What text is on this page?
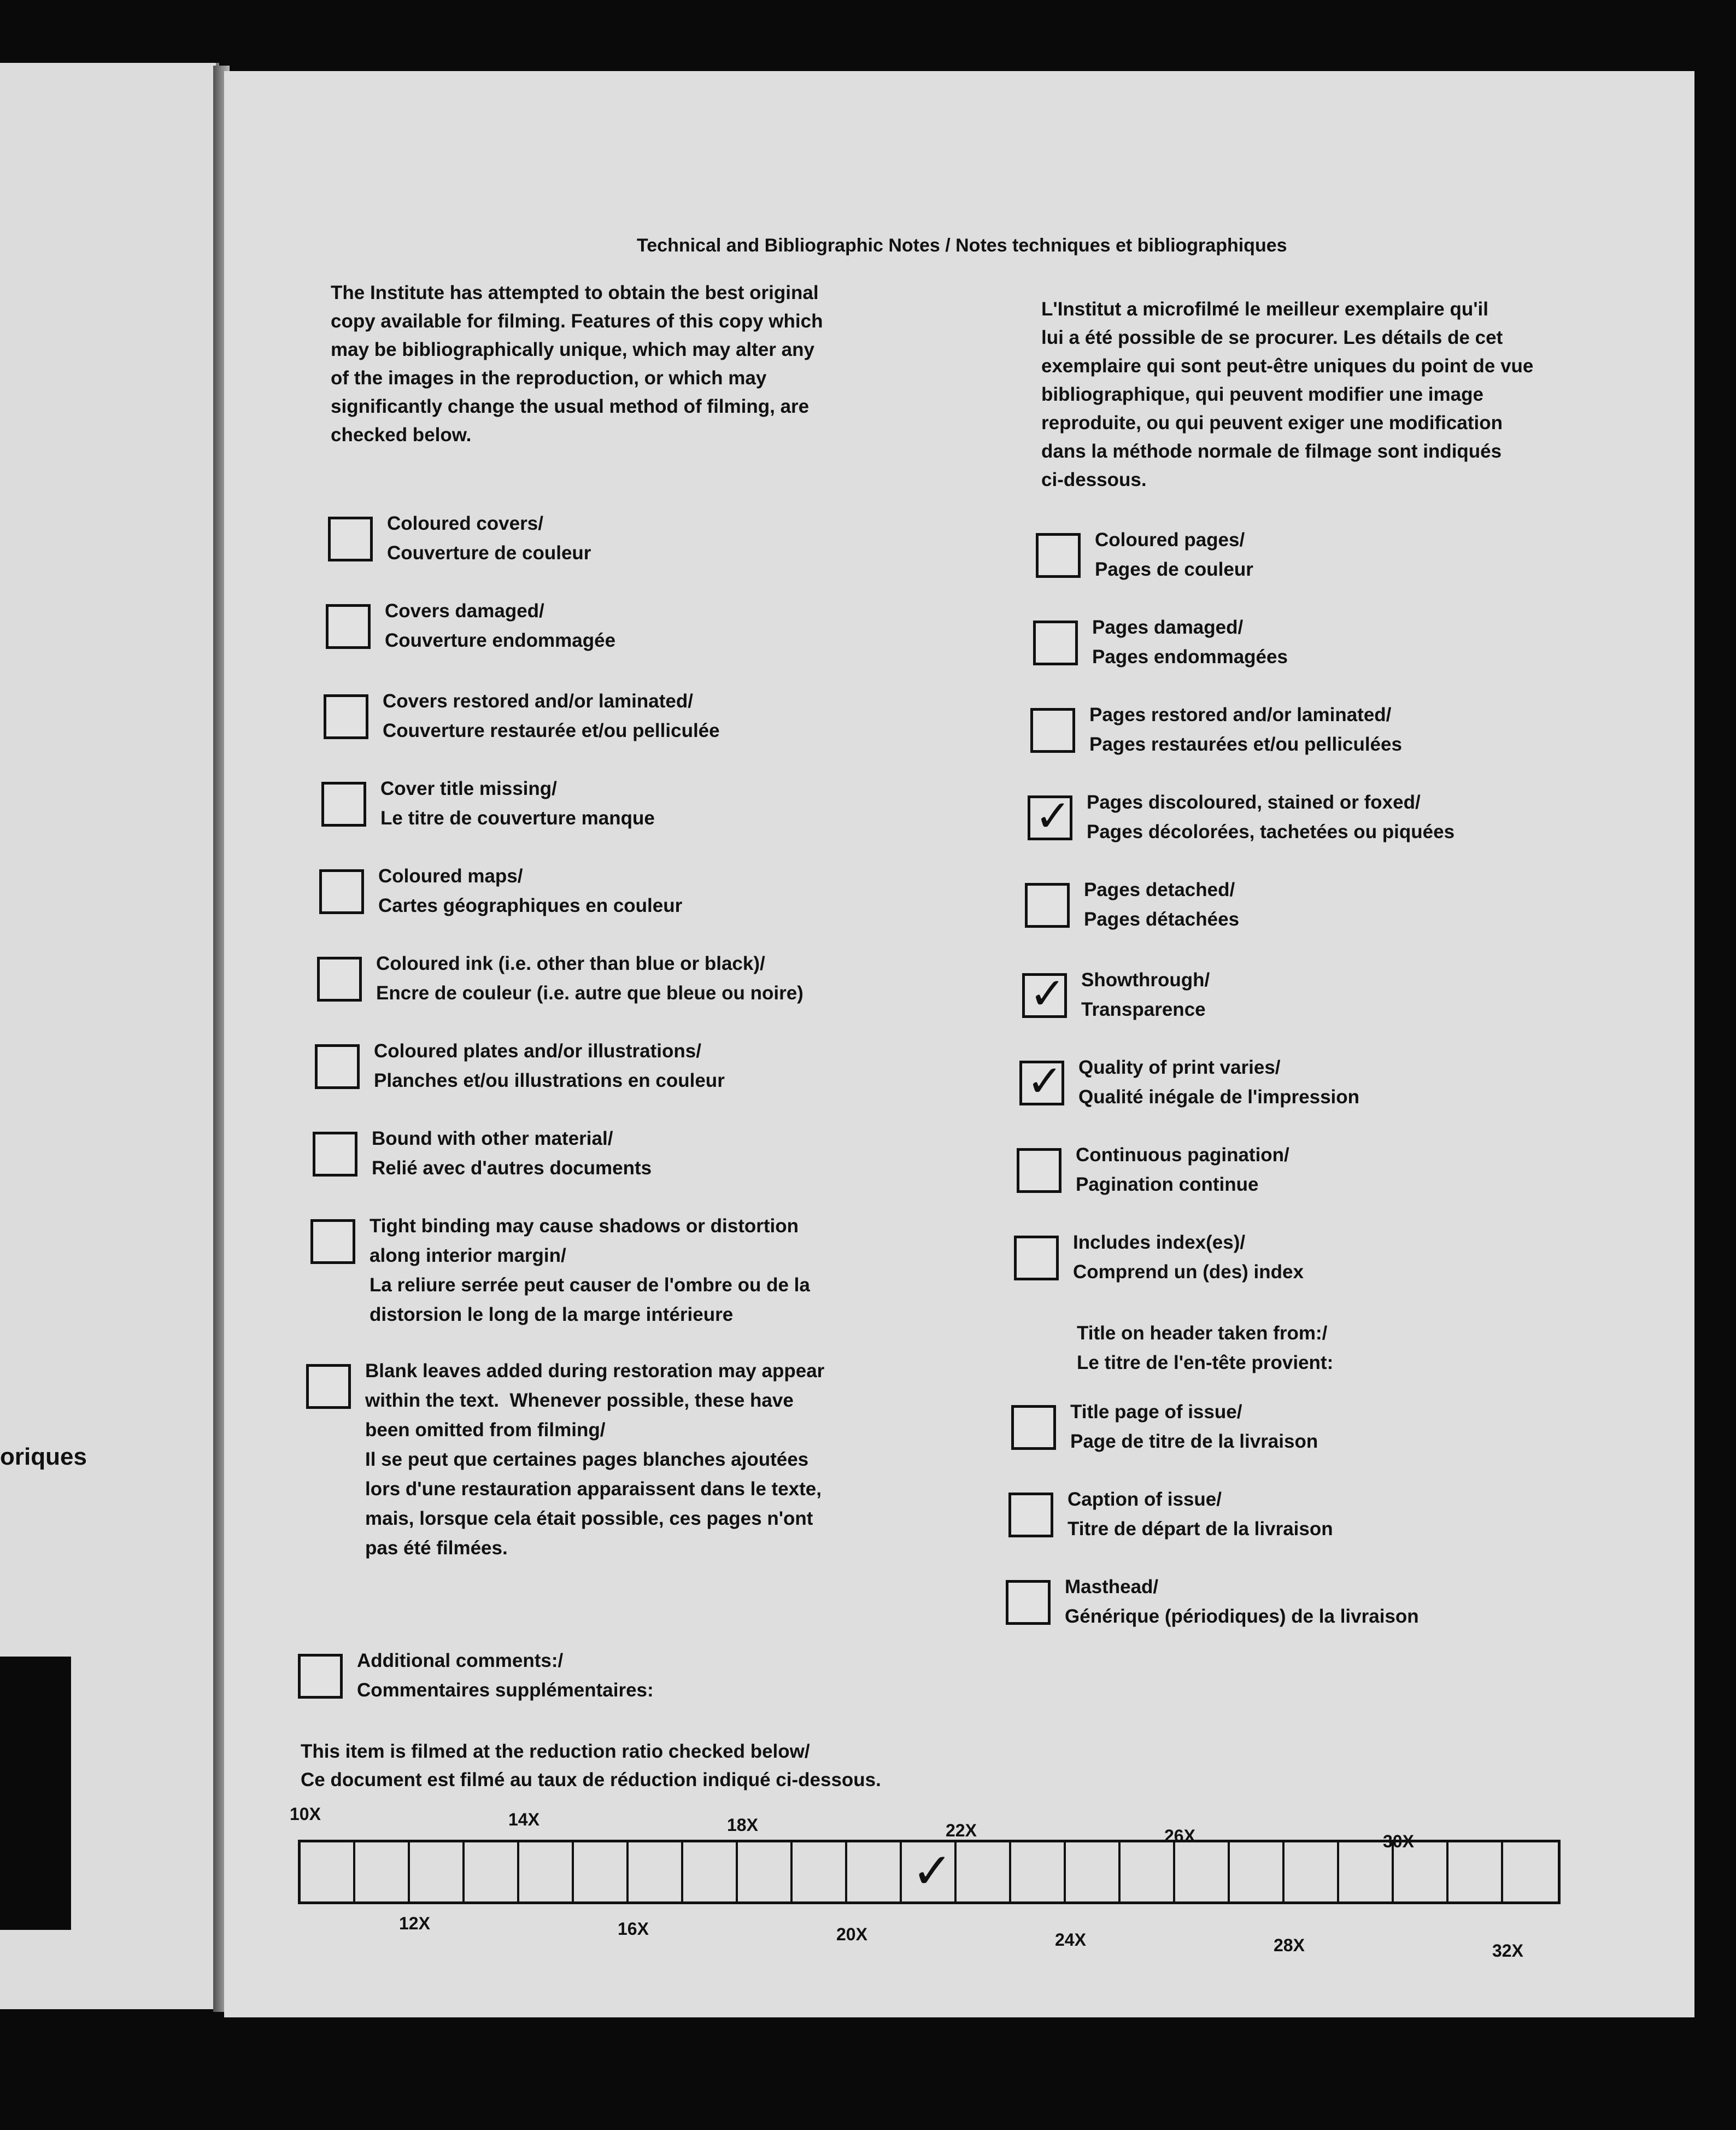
oriques
Technical and Bibliographic Notes / Notes techniques et bibliographiques
The Institute has attempted to obtain the best original
copy available for filming. Features of this copy which
may be bibliographically unique, which may alter any
of the images in the reproduction, or which may
significantly change the usual method of filming, are
checked below.
L'Institut a microfilmé le meilleur exemplaire qu'il
lui a été possible de se procurer. Les détails de cet
exemplaire qui sont peut-être uniques du point de vue
bibliographique, qui peuvent modifier une image
reproduite, ou qui peuvent exiger une modification
dans la méthode normale de filmage sont indiqués
ci-dessous.
Title on header taken from:/
Le titre de l'en-tête provient:
This item is filmed at the reduction ratio checked below/
Ce document est filmé au taux de réduction indiqué ci-dessous.
Coloured covers/
Couverture de couleur
Covers damaged/
Couverture endommagée
Covers restored and/or laminated/
Couverture restaurée et/ou pelliculée
Cover title missing/
Le titre de couverture manque
Coloured maps/
Cartes géographiques en couleur
Coloured ink (i.e. other than blue or black)/
Encre de couleur (i.e. autre que bleue ou noire)
Coloured plates and/or illustrations/
Planches et/ou illustrations en couleur
Bound with other material/
Relié avec d'autres documents
Tight binding may cause shadows or distortion
along interior margin/
La reliure serrée peut causer de l'ombre ou de la
distorsion le long de la marge intérieure
Blank leaves added during restoration may appear
within the text.  Whenever possible, these have
been omitted from filming/
Il se peut que certaines pages blanches ajoutées
lors d'une restauration apparaissent dans le texte,
mais, lorsque cela était possible, ces pages n'ont
pas été filmées.
Additional comments:/
Commentaires supplémentaires:
Coloured pages/
Pages de couleur
Pages damaged/
Pages endommagées
Pages restored and/or laminated/
Pages restaurées et/ou pelliculées
✓ Pages discoloured, stained or foxed/
Pages décolorées, tachetées ou piquées
Pages detached/
Pages détachées
✓ Showthrough/
Transparence
✓ Quality of print varies/
Qualité inégale de l'impression
Continuous pagination/
Pagination continue
Includes index(es)/
Comprend un (des) index
Title page of issue/
Page de titre de la livraison
Caption of issue/
Titre de départ de la livraison
Masthead/
Générique (périodiques) de la livraison
✓
10X	14X	18X	22X	26X	30X
12X	16X	20X	24X	28X	32X
